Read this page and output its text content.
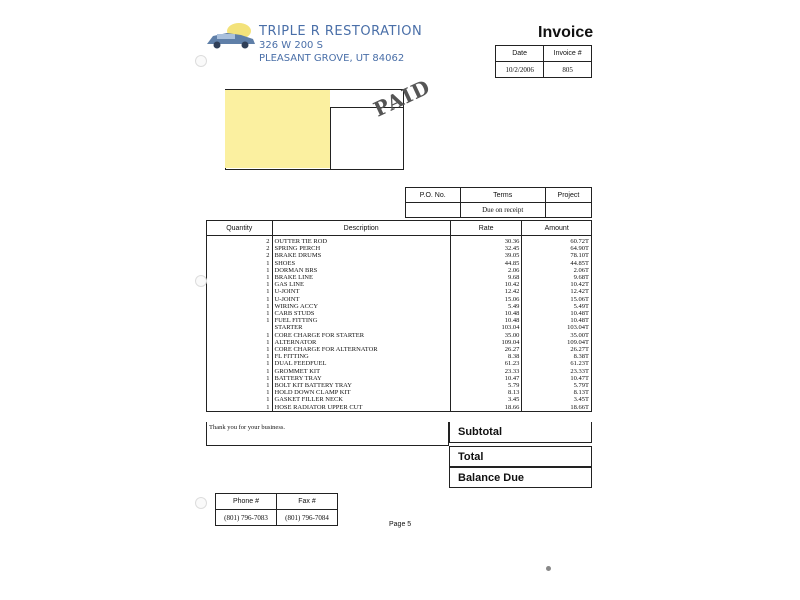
TRIPLE R RESTORATION
326 W 200 S
PLEASANT GROVE, UT 84062
Invoice
Date	Invoice #
10/2/2006	805
PAID
P.O. No.	Terms	Project
	Due on receipt	
Quantity	Description	Rate	Amount
2	OUTTER TIE ROD	30.36	60.72T
2	SPRING PERCH	32.45	64.90T
2	BRAKE DRUMS	39.05	78.10T
1	SHOES	44.85	44.85T
1	DORMAN BRS	2.06	2.06T
1	BRAKE LINE	9.68	9.68T
1	GAS LINE	10.42	10.42T
1	U-JOINT	12.42	12.42T
1	U-JOINT	15.06	15.06T
1	WIRING ACCY	5.49	5.49T
1	CARB STUDS	10.48	10.48T
1	FUEL FITTING	10.48	10.48T
	STARTER	103.04	103.04T
1	CORE CHARGE FOR STARTER	35.00	35.00T
1	ALTERNATOR	109.04	109.04T
1	CORE CHARGE FOR ALTERNATOR	26.27	26.27T
1	FL FITTING	8.38	8.38T
1	DUAL FEEDFUEL	61.23	61.23T
1	GROMMET KIT	23.33	23.33T
1	BATTERY TRAY	10.47	10.47T
1	BOLT KIT BATTERY TRAY	5.79	5.79T
1	HOLD DOWN CLAMP KIT	8.13	8.13T
1	GASKET FILLER NECK	3.45	3.45T
1	HOSE RADIATOR UPPER CUT	18.66	18.66T
Thank you for your business.	Subtotal
Total
Balance Due
Phone #	Fax #
(801) 796-7083	(801) 796-7084
Page 5
